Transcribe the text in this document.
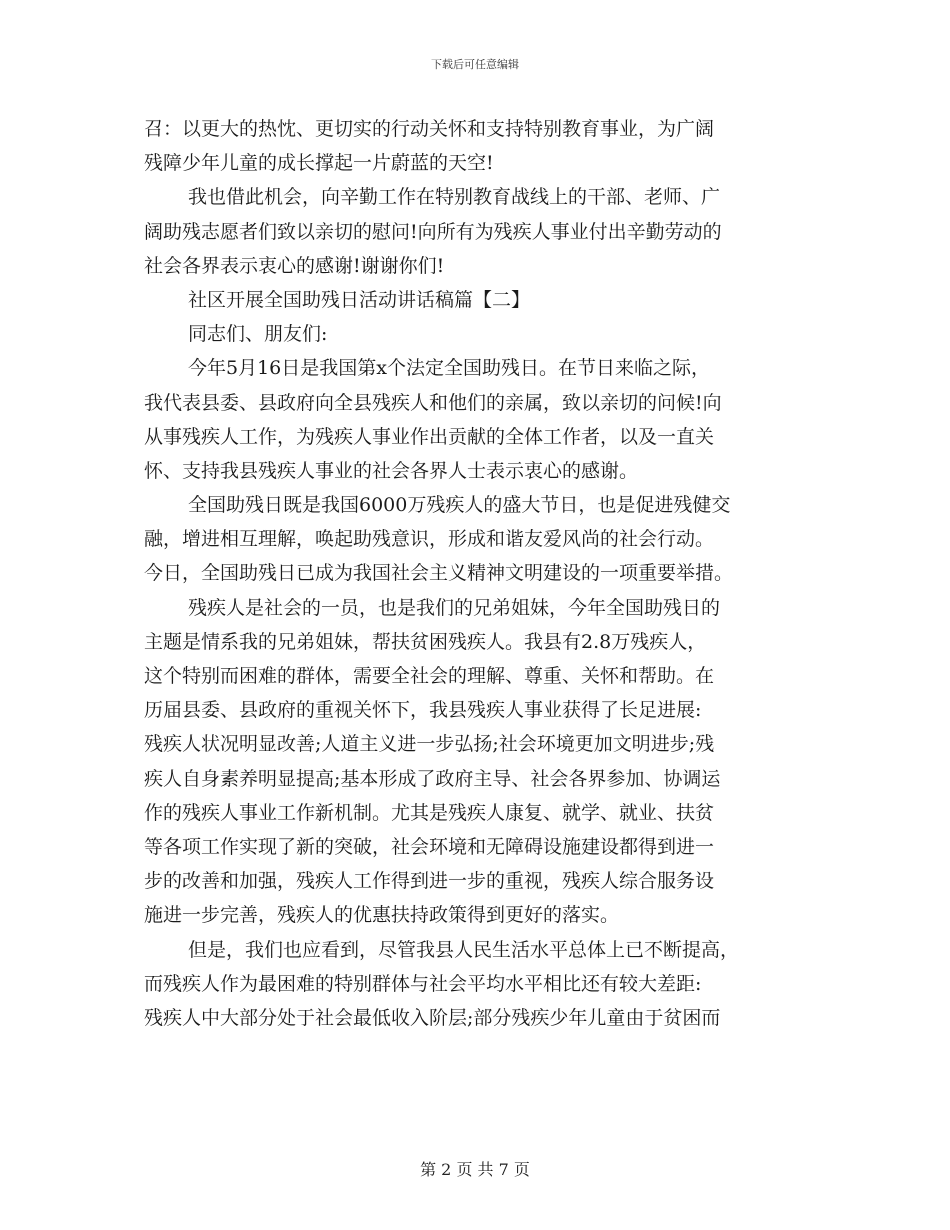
下载后可任意编辑
召：以更大的热忱、更切实的行动关怀和支持特别教育事业，为广阔
残障少年儿童的成长撑起一片蔚蓝的天空!
我也借此机会，向辛勤工作在特别教育战线上的干部、老师、广
阔助残志愿者们致以亲切的慰问!向所有为残疾人事业付出辛勤劳动的
社会各界表示衷心的感谢!谢谢你们!
社区开展全国助残日活动讲话稿篇【二】
同志们、朋友们:
今年5月16日是我国第x个法定全国助残日。在节日来临之际，
我代表县委、县政府向全县残疾人和他们的亲属，致以亲切的问候!向
从事残疾人工作，为残疾人事业作出贡献的全体工作者，以及一直关
怀、支持我县残疾人事业的社会各界人士表示衷心的感谢。
全国助残日既是我国6000万残疾人的盛大节日，也是促进残健交
融，增进相互理解，唤起助残意识，形成和谐友爱风尚的社会行动。
今日，全国助残日已成为我国社会主义精神文明建设的一项重要举措。
残疾人是社会的一员，也是我们的兄弟姐妹，今年全国助残日的
主题是情系我的兄弟姐妹，帮扶贫困残疾人。我县有2.8万残疾人，
这个特别而困难的群体，需要全社会的理解、尊重、关怀和帮助。在
历届县委、县政府的重视关怀下，我县残疾人事业获得了长足进展:
残疾人状况明显改善;人道主义进一步弘扬;社会环境更加文明进步;残
疾人自身素养明显提高;基本形成了政府主导、社会各界参加、协调运
作的残疾人事业工作新机制。尤其是残疾人康复、就学、就业、扶贫
等各项工作实现了新的突破，社会环境和无障碍设施建设都得到进一
步的改善和加强，残疾人工作得到进一步的重视，残疾人综合服务设
施进一步完善，残疾人的优惠扶持政策得到更好的落实。
但是，我们也应看到，尽管我县人民生活水平总体上已不断提高，
而残疾人作为最困难的特别群体与社会平均水平相比还有较大差距:
残疾人中大部分处于社会最低收入阶层;部分残疾少年儿童由于贫困而
第 2 页 共 7 页
